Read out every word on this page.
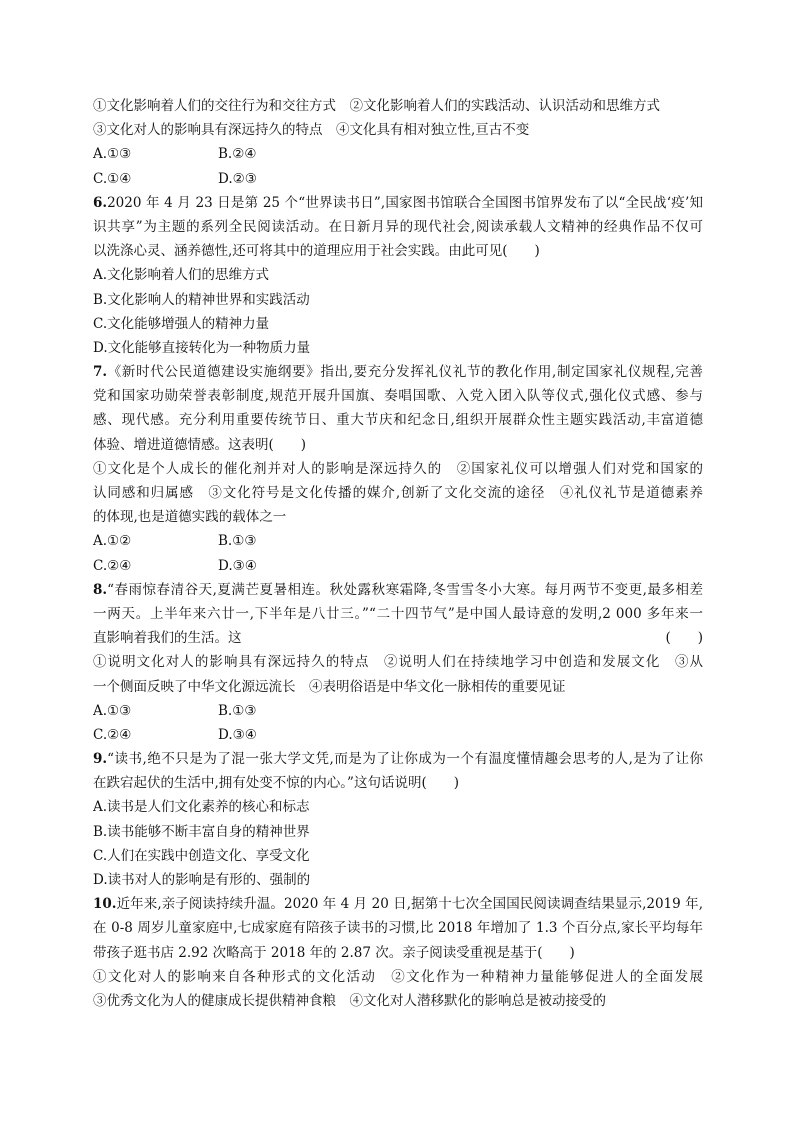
①文化影响着人们的交往行为和交往方式　②文化影响着人们的实践活动、认识活动和思维方式
③文化对人的影响具有深远持久的特点　④文化具有相对独立性,亘古不变
A.①③	B.②④
C.①④	D.②③
6.2020 年 4 月 23 日是第 25 个“世界读书日”,国家图书馆联合全国图书馆界发布了以“全民战‘疫’知
识共享”为主题的系列全民阅读活动。在日新月异的现代社会,阅读承载人文精神的经典作品不仅可
以洗涤心灵、涵养德性,还可将其中的道理应用于社会实践。由此可见(　　)
A.文化影响着人们的思维方式
B.文化影响人的精神世界和实践活动
C.文化能够增强人的精神力量
D.文化能够直接转化为一种物质力量
7.《新时代公民道德建设实施纲要》指出,要充分发挥礼仪礼节的教化作用,制定国家礼仪规程,完善
党和国家功勋荣誉表彰制度,规范开展升国旗、奏唱国歌、入党入团入队等仪式,强化仪式感、参与
感、现代感。充分利用重要传统节日、重大节庆和纪念日,组织开展群众性主题实践活动,丰富道德
体验、增进道德情感。这表明(　　)
①文化是个人成长的催化剂并对人的影响是深远持久的　②国家礼仪可以增强人们对党和国家的
认同感和归属感　③文化符号是文化传播的媒介,创新了文化交流的途径　④礼仪礼节是道德素养
的体现,也是道德实践的载体之一
A.①②	B.①③
C.②④	D.③④
8.“春雨惊春清谷天,夏满芒夏暑相连。秋处露秋寒霜降,冬雪雪冬小大寒。每月两节不变更,最多相差
一两天。上半年来六廿一,下半年是八廿三。”“二十四节气”是中国人最诗意的发明,2 000 多年来一
直影响着我们的生活。这	(　　)
①说明文化对人的影响具有深远持久的特点　②说明人们在持续地学习中创造和发展文化　③从
一个侧面反映了中华文化源远流长　④表明俗语是中华文化一脉相传的重要见证
A.①③	B.①③
C.②④	D.③④
9.“读书,绝不只是为了混一张大学文凭,而是为了让你成为一个有温度懂情趣会思考的人,是为了让你
在跌宕起伏的生活中,拥有处变不惊的内心。”这句话说明(　　)
A.读书是人们文化素养的核心和标志
B.读书能够不断丰富自身的精神世界
C.人们在实践中创造文化、享受文化
D.读书对人的影响是有形的、强制的
10.近年来,亲子阅读持续升温。2020 年 4 月 20 日,据第十七次全国国民阅读调查结果显示,2019 年,
在 0-8 周岁儿童家庭中,七成家庭有陪孩子读书的习惯,比 2018 年增加了 1.3 个百分点,家长平均每年
带孩子逛书店 2.92 次略高于 2018 年的 2.87 次。亲子阅读受重视是基于(　　)
①文化对人的影响来自各种形式的文化活动　②文化作为一种精神力量能够促进人的全面发展
③优秀文化为人的健康成长提供精神食粮　④文化对人潜移默化的影响总是被动接受的
